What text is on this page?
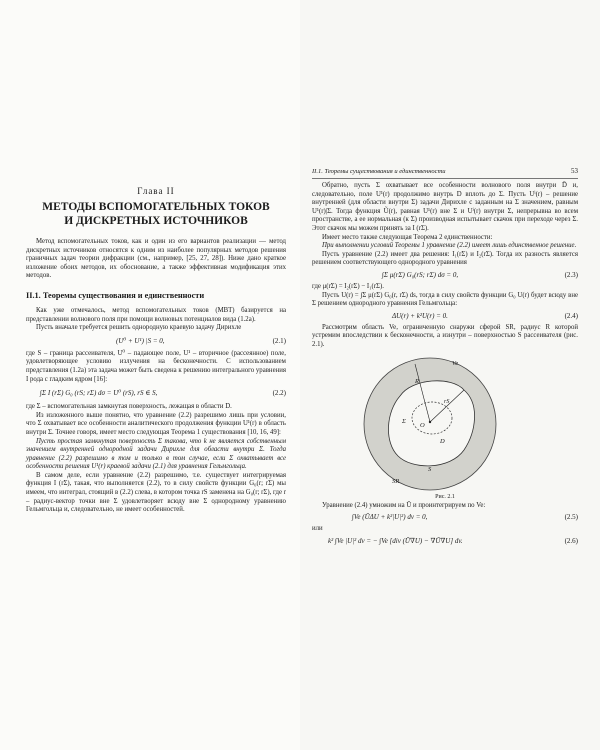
Глава II
МЕТОДЫ ВСПОМОГАТЕЛЬНЫХ ТОКОВ
И ДИСКРЕТНЫХ ИСТОЧНИКОВ

Метод вспомогательных токов, как и один из его вариантов реализации — метод дискретных источников относятся к одним из наиболее популярных методов решения граничных задач теории дифракции (см., например, [25, 27, 28]). Ниже дано краткое изложение обоих методов, их обоснование, а также эффективная модификация этих методов.

II.1. Теоремы существования и единственности

Как уже отмечалось, метод вспомогательных токов (МВТ) базируется на представлении волнового поля при помощи волновых потенциалов вида (1.2а).

Пусть вначале требуется решить однородную краевую задачу Дирихле

(U⁰ + U¹) |S = 0,	(2.1)

где S – граница рассеивателя, U⁰ – падающее поле, U¹ – вторичное (рассеянное) поле, удовлетворяющее условию излучения на бесконечности. С использованием представления (1.2а) эта задача может быть сведена к решению интегрального уравнения I рода с гладким ядром [16]:

∫Σ I (rΣ) G₀ (rS; rΣ) dσ = U⁰ (rS), rS ∈ S,	(2.2)

где Σ – вспомогательная замкнутая поверхность, лежащая в области D.

Из изложенного выше понятно, что уравнение (2.2) разрешимо лишь при условии, что Σ охватывает все особенности аналитического продолжения функции U¹(r) в область внутри Σ. Точнее говоря, имеет место следующая Теорема 1 существования [10, 16, 49]:

Пусть простая замкнутая поверхность Σ такова, что k не является собственным значением внутренней однородной задачи Дирихле для области внутри Σ. Тогда уравнение (2.2) разрешимо в том и только в том случае, если Σ охватывает все особенности решения U¹(r) краевой задачи (2.1) для уравнения Гельмгольца.

В самом деле, если уравнение (2.2) разрешимо, т.е. существует интегрируемая функция I (rΣ), такая, что выполняется (2.2), то в силу свойств функции G₀(r; rΣ) мы имеем, что интеграл, стоящий в (2.2) слева, в котором точка rS заменена на G₀(r; rΣ), где r – радиус-вектор точки вне Σ удовлетворяет всюду вне Σ однородному уравнению Гельмгольца и, следовательно, не имеет особенностей.

II.1. Теоремы существования и единственности	53

Обратно, пусть Σ охватывает все особенности волнового поля внутри D̄ и, следовательно, поле U¹(r) продолжимо внутрь D вплоть до Σ. Пусть Uⁱ(r) – решение внутренней (для области внутри Σ) задачи Дирихле с заданным на Σ значением, равным U¹(r)|Σ. Тогда функция Ũ(r), равная U¹(r) вне Σ и Uⁱ(r) внутри Σ, непрерывна во всем пространстве, а ее нормальная (к Σ) производная испытывает скачок при переходе через Σ. Этот скачок мы можем принять за I (rΣ).

Имеет место также следующая Теорема 2 единственности:

При выполнении условий Теоремы 1 уравнение (2.2) имеет лишь единственное решение.

Пусть уравнение (2.2) имеет два решения: I₁(rΣ) и I₂(rΣ). Тогда их разность является решением соответствующего однородного уравнения

∫Σ μ(rΣ) G₀(rS; rΣ) dσ = 0,	(2.3)

где μ(rΣ) = I₂(rΣ) − I₁(rΣ).

Пусть U(r) = ∫Σ μ(rΣ) G₀(r, rΣ) ds, тогда в силу свойств функции G₀ U(r) будет всюду вне Σ решением однородного уравнения Гельмгольца:

ΔU(r) + k²U(r) = 0.	(2.4)

Рассмотрим область Ve, ограниченную снаружи сферой SR, радиус R которой устремим впоследствии к бесконечности, а изнутри – поверхностью S рассеивателя (рис. 2.1).

Ve
R
rS
O
Σ
D
S
SR
Рис. 2.1

Уравнение (2.4) умножим на Ū и проинтегрируем по Ve:

∫Ve (ŪΔU + k²|U|²) dv = 0,	(2.5)

или

k² ∫Ve |U|² dv = − ∫Ve [div (Ū∇U) − ∇Ū∇U] dv.	(2.6)
